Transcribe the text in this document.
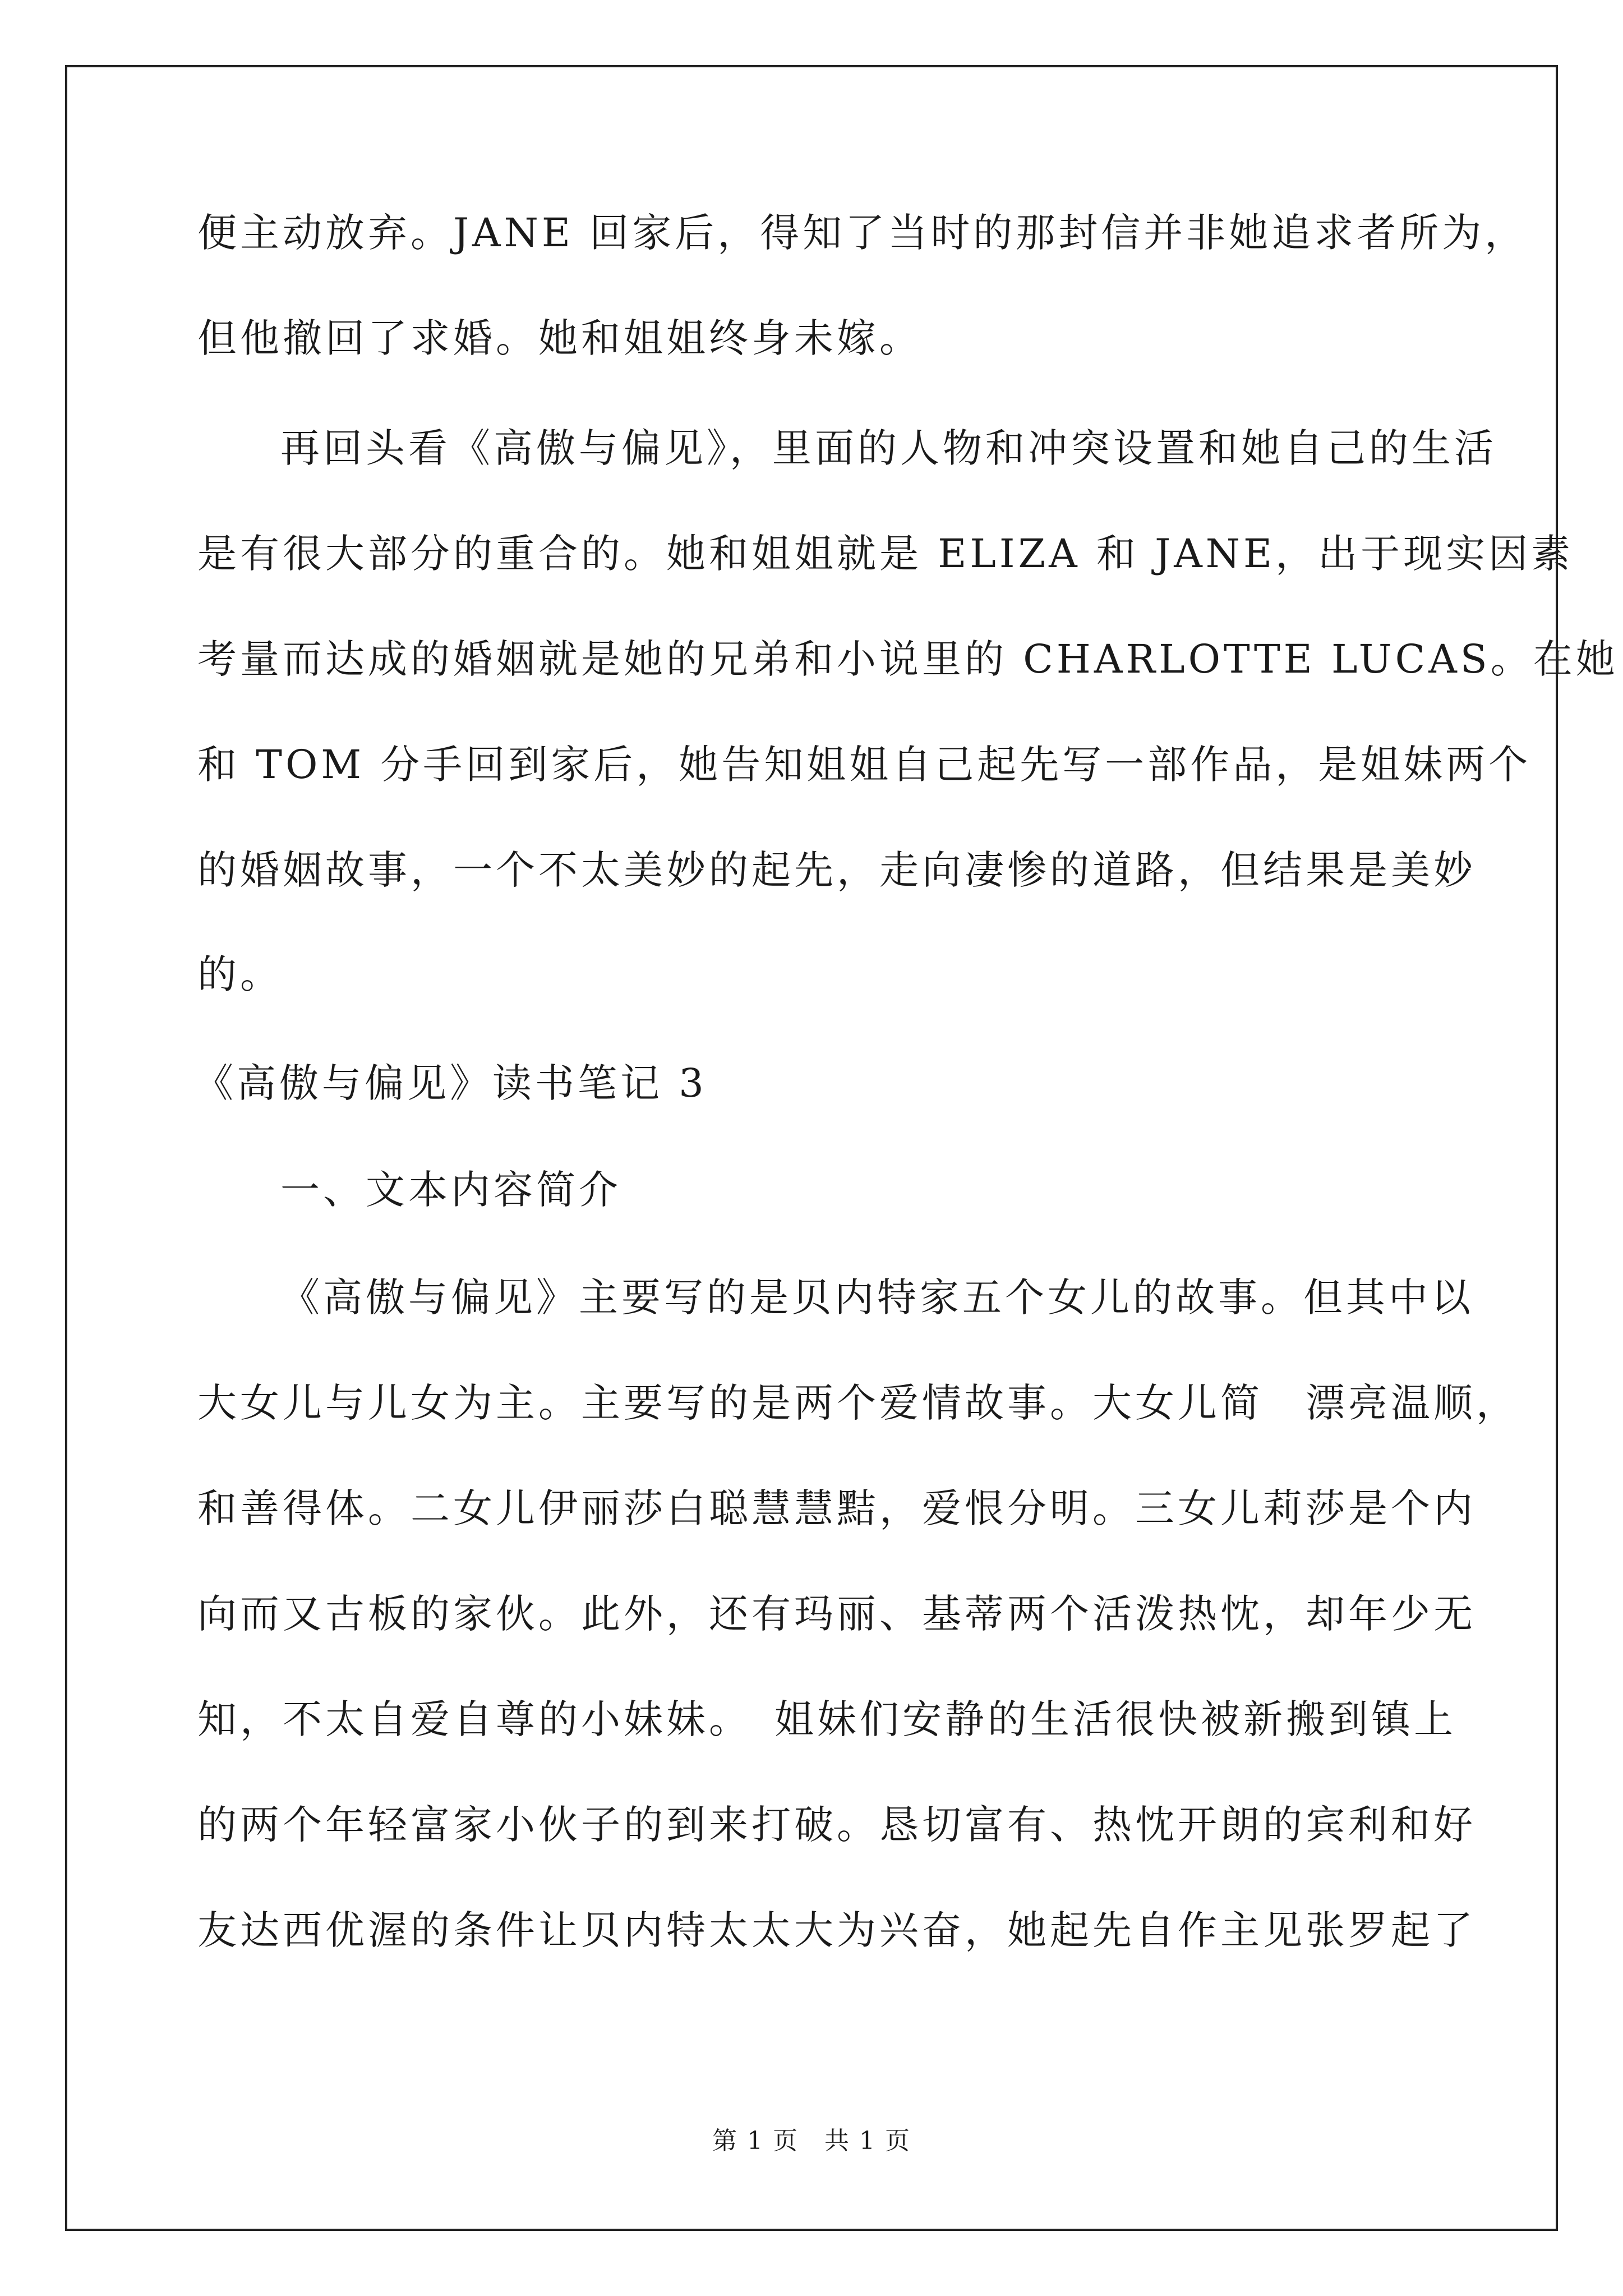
便主动放弃。JANE 回家后，得知了当时的那封信并非她追求者所为，

但他撤回了求婚。她和姐姐终身未嫁。

再回头看《高傲与偏见》，里面的人物和冲突设置和她自己的生活

是有很大部分的重合的。她和姐姐就是 ELIZA 和 JANE，出于现实因素

考量而达成的婚姻就是她的兄弟和小说里的 CHARLOTTE LUCAS。在她

和 TOM 分手回到家后，她告知姐姐自己起先写一部作品，是姐妹两个

的婚姻故事，一个不太美妙的起先，走向凄惨的道路，但结果是美妙

的。

《高傲与偏见》读书笔记 3

一、文本内容简介

《高傲与偏见》主要写的是贝内特家五个女儿的故事。但其中以

大女儿与儿女为主。主要写的是两个爱情故事。大女儿简　漂亮温顺，

和善得体。二女儿伊丽莎白聪慧慧黠，爱恨分明。三女儿莉莎是个内

向而又古板的家伙。此外，还有玛丽、基蒂两个活泼热忱，却年少无

知，不太自爱自尊的小妹妹。　姐妹们安静的生活很快被新搬到镇上

的两个年轻富家小伙子的到来打破。恳切富有、热忱开朗的宾利和好

友达西优渥的条件让贝内特太太大为兴奋，她起先自作主见张罗起了

第 1 页　共 1 页
